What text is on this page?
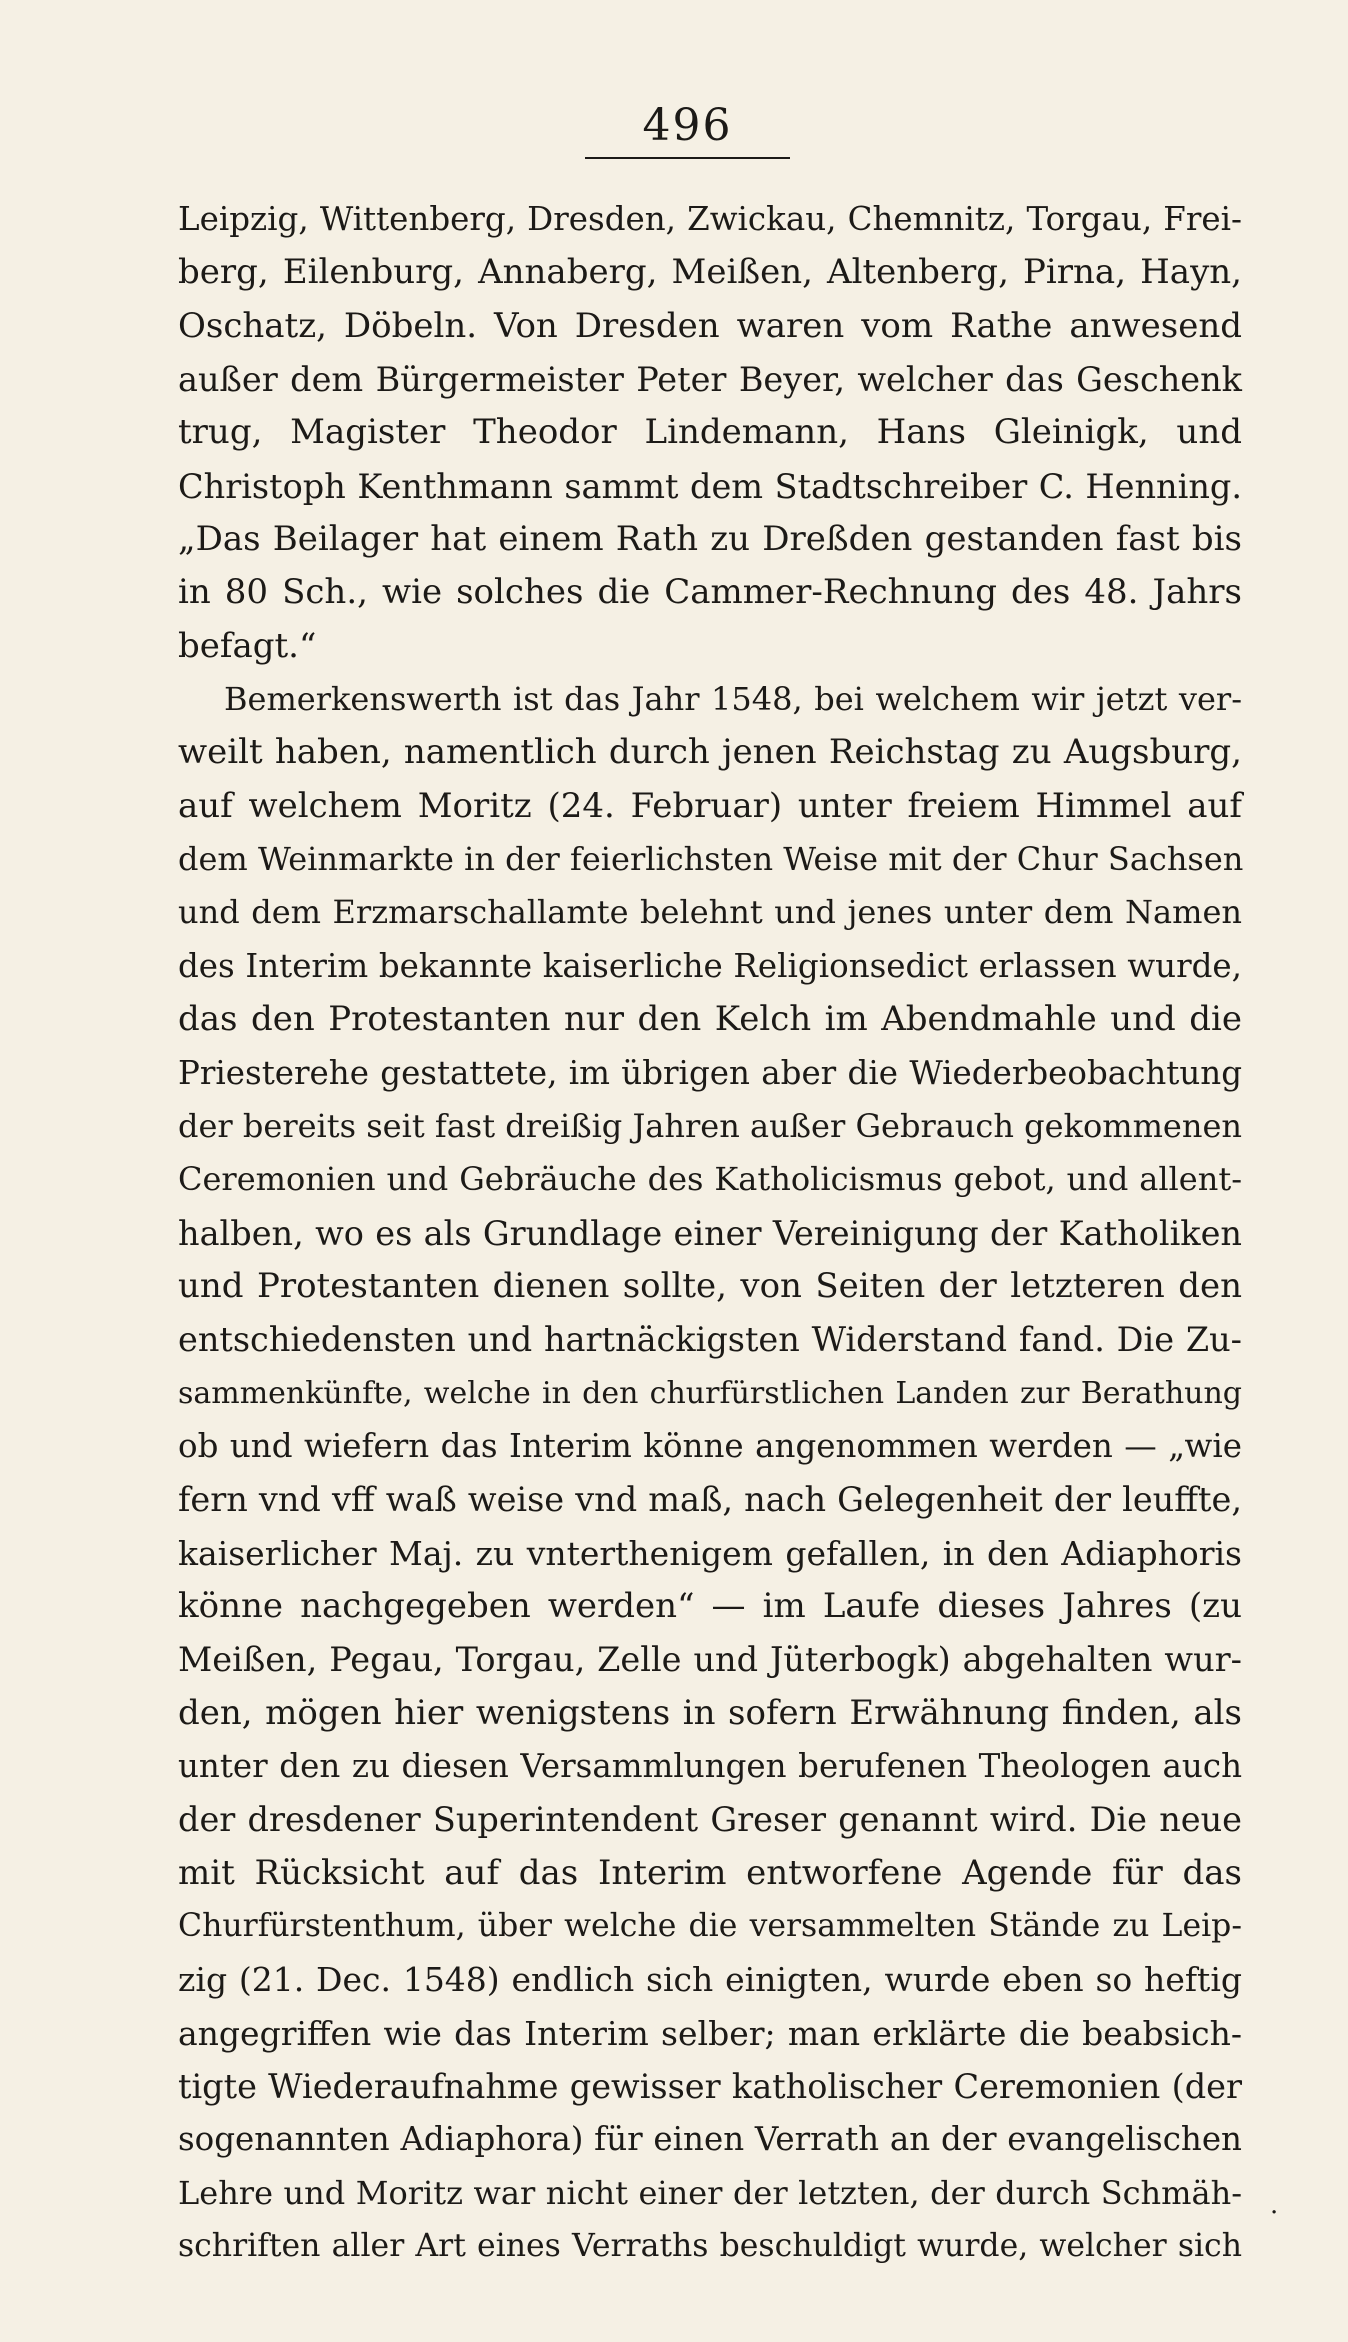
496
Leipzig, Wittenberg, Dresden, Zwickau, Chemnitz, Torgau, Frei-
berg, Eilenburg, Annaberg, Meißen, Altenberg, Pirna, Hayn,
Oschatz, Döbeln. Von Dresden waren vom Rathe anwesend
außer dem Bürgermeister Peter Beyer, welcher das Geschenk
trug, Magister Theodor Lindemann, Hans Gleinigk, und
Christoph Kenthmann sammt dem Stadtschreiber C. Henning.
„Das Beilager hat einem Rath zu Dreßden gestanden fast bis
in 80 Sch., wie solches die Cammer-Rechnung des 48. Jahrs
befagt.“
Bemerkenswerth ist das Jahr 1548, bei welchem wir jetzt ver-
weilt haben, namentlich durch jenen Reichstag zu Augsburg,
auf welchem Moritz (24. Februar) unter freiem Himmel auf
dem Weinmarkte in der feierlichsten Weise mit der Chur Sachsen
und dem Erzmarschallamte belehnt und jenes unter dem Namen
des Interim bekannte kaiserliche Religionsedict erlassen wurde,
das den Protestanten nur den Kelch im Abendmahle und die
Priesterehe gestattete, im übrigen aber die Wiederbeobachtung
der bereits seit fast dreißig Jahren außer Gebrauch gekommenen
Ceremonien und Gebräuche des Katholicismus gebot, und allent-
halben, wo es als Grundlage einer Vereinigung der Katholiken
und Protestanten dienen sollte, von Seiten der letzteren den
entschiedensten und hartnäckigsten Widerstand fand. Die Zu-
sammenkünfte, welche in den churfürstlichen Landen zur Berathung
ob und wiefern das Interim könne angenommen werden — „wie
fern vnd vff waß weise vnd maß, nach Gelegenheit der leuffte,
kaiserlicher Maj. zu vnterthenigem gefallen, in den Adiaphoris
könne nachgegeben werden“ — im Laufe dieses Jahres (zu
Meißen, Pegau, Torgau, Zelle und Jüterbogk) abgehalten wur-
den, mögen hier wenigstens in sofern Erwähnung finden, als
unter den zu diesen Versammlungen berufenen Theologen auch
der dresdener Superintendent Greser genannt wird. Die neue
mit Rücksicht auf das Interim entworfene Agende für das
Churfürstenthum, über welche die versammelten Stände zu Leip-
zig (21. Dec. 1548) endlich sich einigten, wurde eben so heftig
angegriffen wie das Interim selber; man erklärte die beabsich-
tigte Wiederaufnahme gewisser katholischer Ceremonien (der
sogenannten Adiaphora) für einen Verrath an der evangelischen
Lehre und Moritz war nicht einer der letzten, der durch Schmäh-
schriften aller Art eines Verraths beschuldigt wurde, welcher sich
·
